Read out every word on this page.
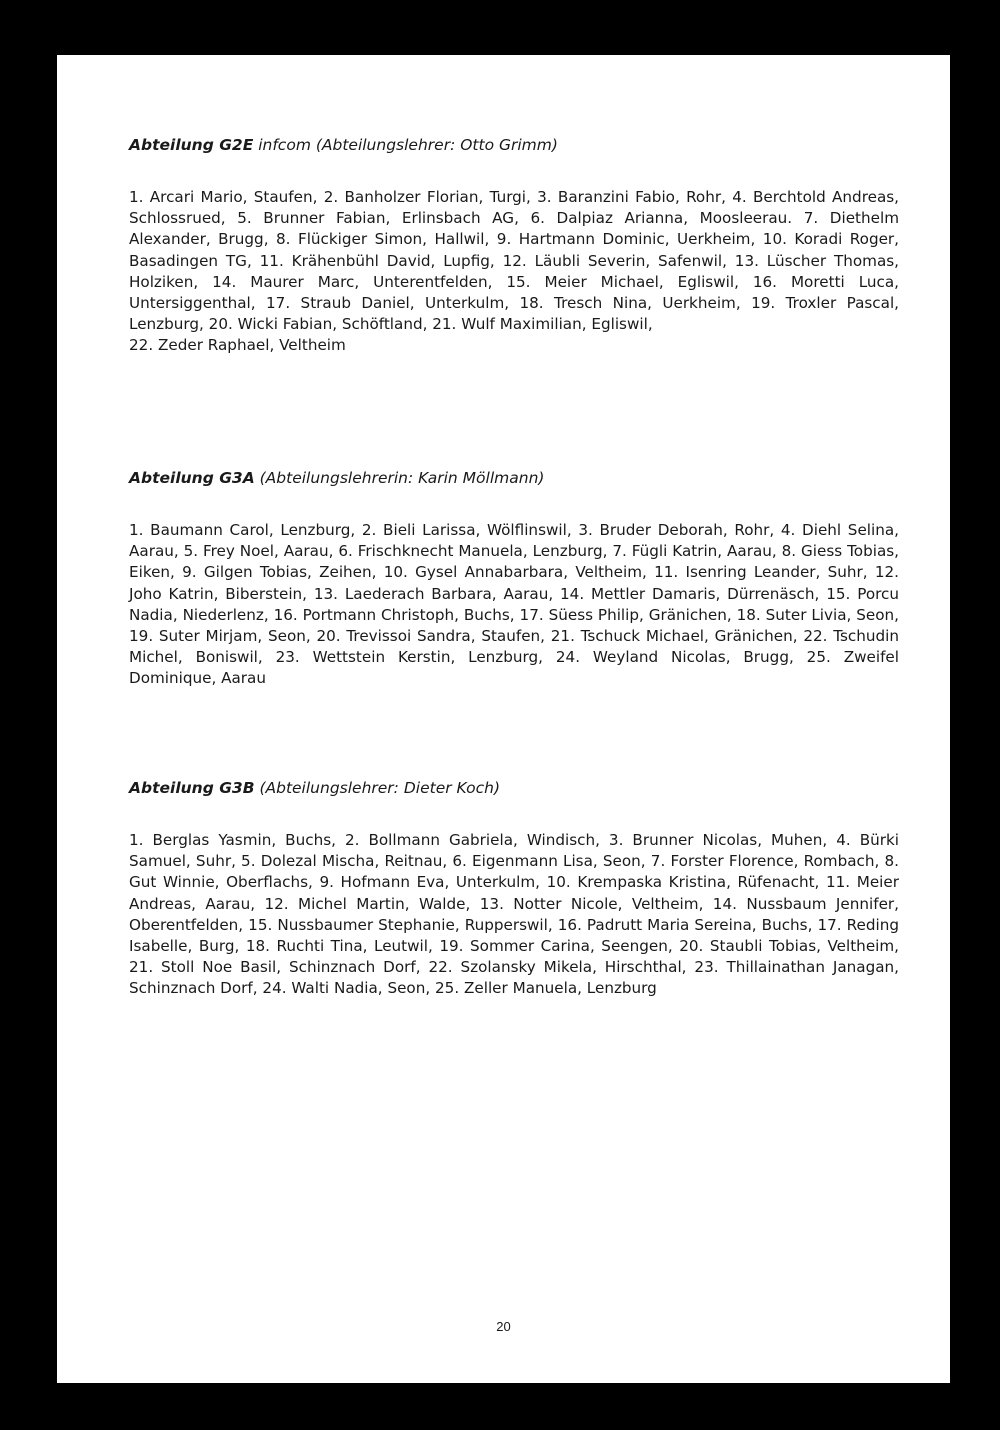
Abteilung G2E infcom (Abteilungslehrer: Otto Grimm)

1. Arcari Mario, Staufen, 2. Banholzer Florian, Turgi, 3. Baranzini Fabio, Rohr, 4. Berchtold Andreas, Schlossrued, 5. Brunner Fabian, Erlinsbach AG, 6. Dalpiaz Arianna, Moosleerau. 7. Diethelm Alexander, Brugg, 8. Flückiger Simon, Hallwil, 9. Hartmann Dominic, Uerkheim, 10. Koradi Roger, Basadingen TG, 11. Krähenbühl David, Lupfig, 12. Läubli Severin, Safenwil, 13. Lüscher Thomas, Holziken, 14. Maurer Marc, Unterentfelden, 15. Meier Michael, Egliswil, 16. Moretti Luca, Untersiggenthal, 17. Straub Daniel, Unterkulm, 18. Tresch Nina, Uerkheim, 19. Troxler Pascal, Lenzburg, 20. Wicki Fabian, Schöftland, 21. Wulf Maximilian, Egliswil,

22. Zeder Raphael, Veltheim

Abteilung G3A (Abteilungslehrerin: Karin Möllmann)

1. Baumann Carol, Lenzburg, 2. Bieli Larissa, Wölflinswil, 3. Bruder Deborah, Rohr, 4. Diehl Selina, Aarau, 5. Frey Noel, Aarau, 6. Frischknecht Manuela, Lenzburg, 7. Fügli Katrin, Aarau, 8. Giess Tobias, Eiken, 9. Gilgen Tobias, Zeihen, 10. Gysel Annabarbara, Veltheim, 11. Isenring Leander, Suhr, 12. Joho Katrin, Biberstein, 13. Laederach Barbara, Aarau, 14. Mettler Damaris, Dürrenäsch, 15. Porcu Nadia, Niederlenz, 16. Portmann Christoph, Buchs, 17. Süess Philip, Gränichen, 18. Suter Livia, Seon, 19. Suter Mirjam, Seon, 20. Trevissoi Sandra, Staufen, 21. Tschuck Michael, Gränichen, 22. Tschudin Michel, Boniswil, 23. Wettstein Kerstin, Lenzburg, 24. Weyland Nicolas, Brugg, 25. Zweifel Dominique, Aarau

Abteilung G3B (Abteilungslehrer: Dieter Koch)

1. Berglas Yasmin, Buchs, 2. Bollmann Gabriela, Windisch, 3. Brunner Nicolas, Muhen, 4. Bürki Samuel, Suhr, 5. Dolezal Mischa, Reitnau, 6. Eigenmann Lisa, Seon, 7. Forster Florence, Rombach, 8. Gut Winnie, Oberflachs, 9. Hofmann Eva, Unterkulm, 10. Krempaska Kristina, Rüfenacht, 11. Meier Andreas, Aarau, 12. Michel Martin, Walde, 13. Notter Nicole, Veltheim, 14. Nussbaum Jennifer, Oberentfelden, 15. Nussbaumer Stephanie, Rupperswil, 16. Padrutt Maria Sereina, Buchs, 17. Reding Isabelle, Burg, 18. Ruchti Tina, Leutwil, 19. Sommer Carina, Seengen, 20. Staubli Tobias, Veltheim, 21. Stoll Noe Basil, Schinznach Dorf, 22. Szolansky Mikela, Hirschthal, 23. Thillainathan Janagan, Schinznach Dorf, 24. Walti Nadia, Seon, 25. Zeller Manuela, Lenzburg

20
